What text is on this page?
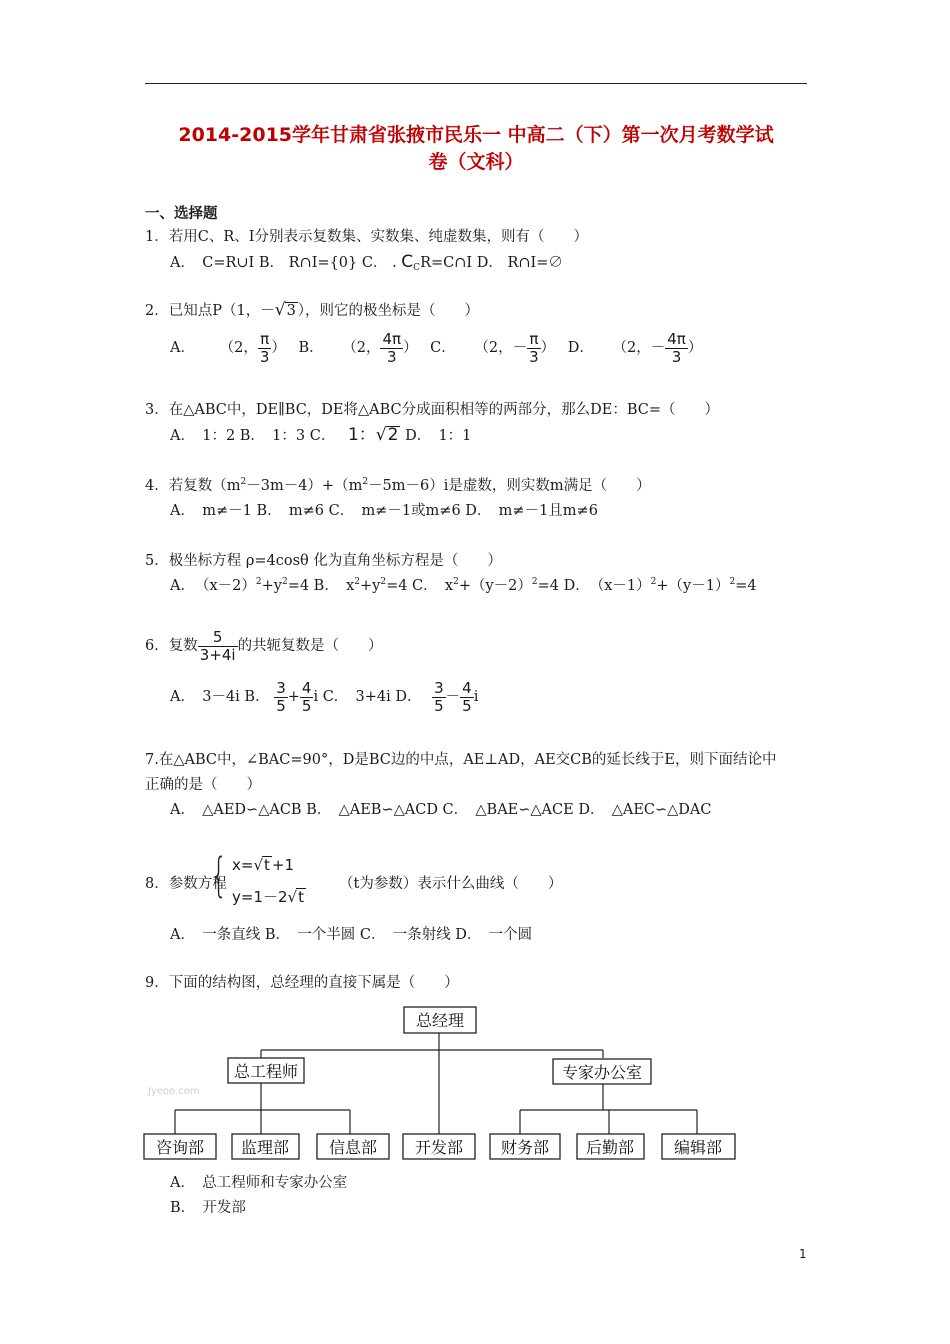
2014-2015学年甘肃省张掖市民乐一 中高二（下）第一次月考数学试
卷（文科）
一、选择题
1．若用C、R、I分别表示复数集、实数集、纯虚数集，则有（　　）
A．　C=R∪I B． R∩I={0} C． . $C_CR=C\cap I$ D． R∩I=∅
2．已知点P（1，－√3 ），则它的极坐标是（　　）
A． （2， $\frac{\pi}{3}$ ） B． （2， $\frac{4\pi}{3}$ ） C． （2，－ $\frac{\pi}{3}$ ） D． （2，－ $\frac{4\pi}{3}$ ）
3．在△ABC中，DE∥BC，DE将△ABC分成面积相等的两部分，那么DE：BC=（　　）
A．　1：2 B．　1：3 C． 1：√2 D．　1：1
4．若复数$(m^2-3m-4)+(m^2-5m-6)i$是虚数，则实数m满足（　　）
A．　m≠－1 B．　m≠6 C．　m≠－1或m≠6 D．　m≠－1且m≠6
5．极坐标方程 ρ=4cosθ 化为直角坐标方程是（　　）
A．　$(x-2)^2+y^2=4$ B．　$x^2+y^2=4$ C．　$x^2+(y-2)^2=4$ D．　$(x-1)^2+(y-1)^2=4$
6．复数 $\frac{5}{3+4i}$ 的共轭复数是（　　）
A．　3－4i B． $\frac{3}{5} + \frac{4}{5}$ i C．　3+4i D． $\frac{3}{5} - \frac{4}{5}$ i
7.在△ABC中，∠BAC=90°，D是BC边的中点，AE⊥AD，AE交CB的延长线于E，则下面结论中
正确的是（　　）
A．　△AED∽△ACB B．　△AEB∽△ACD C．　△BAE∽△ACE D．　△AEC∽△DAC
8．参数方程
{ x=√t +1
y=1－2√t
（t为参数）表示什么曲线（　　）
A．　一条直线 B．　一个半圆 C．　一条射线 D．　一个圆
9．下面的结构图，总经理的直接下属是（　　）
总经理
总工程师	专家办公室
咨询部 监理部 信息部 开发部 财务部 后勤部 编辑部
Jyeoo.com
A．　总工程师和专家办公室
B．　开发部
1
